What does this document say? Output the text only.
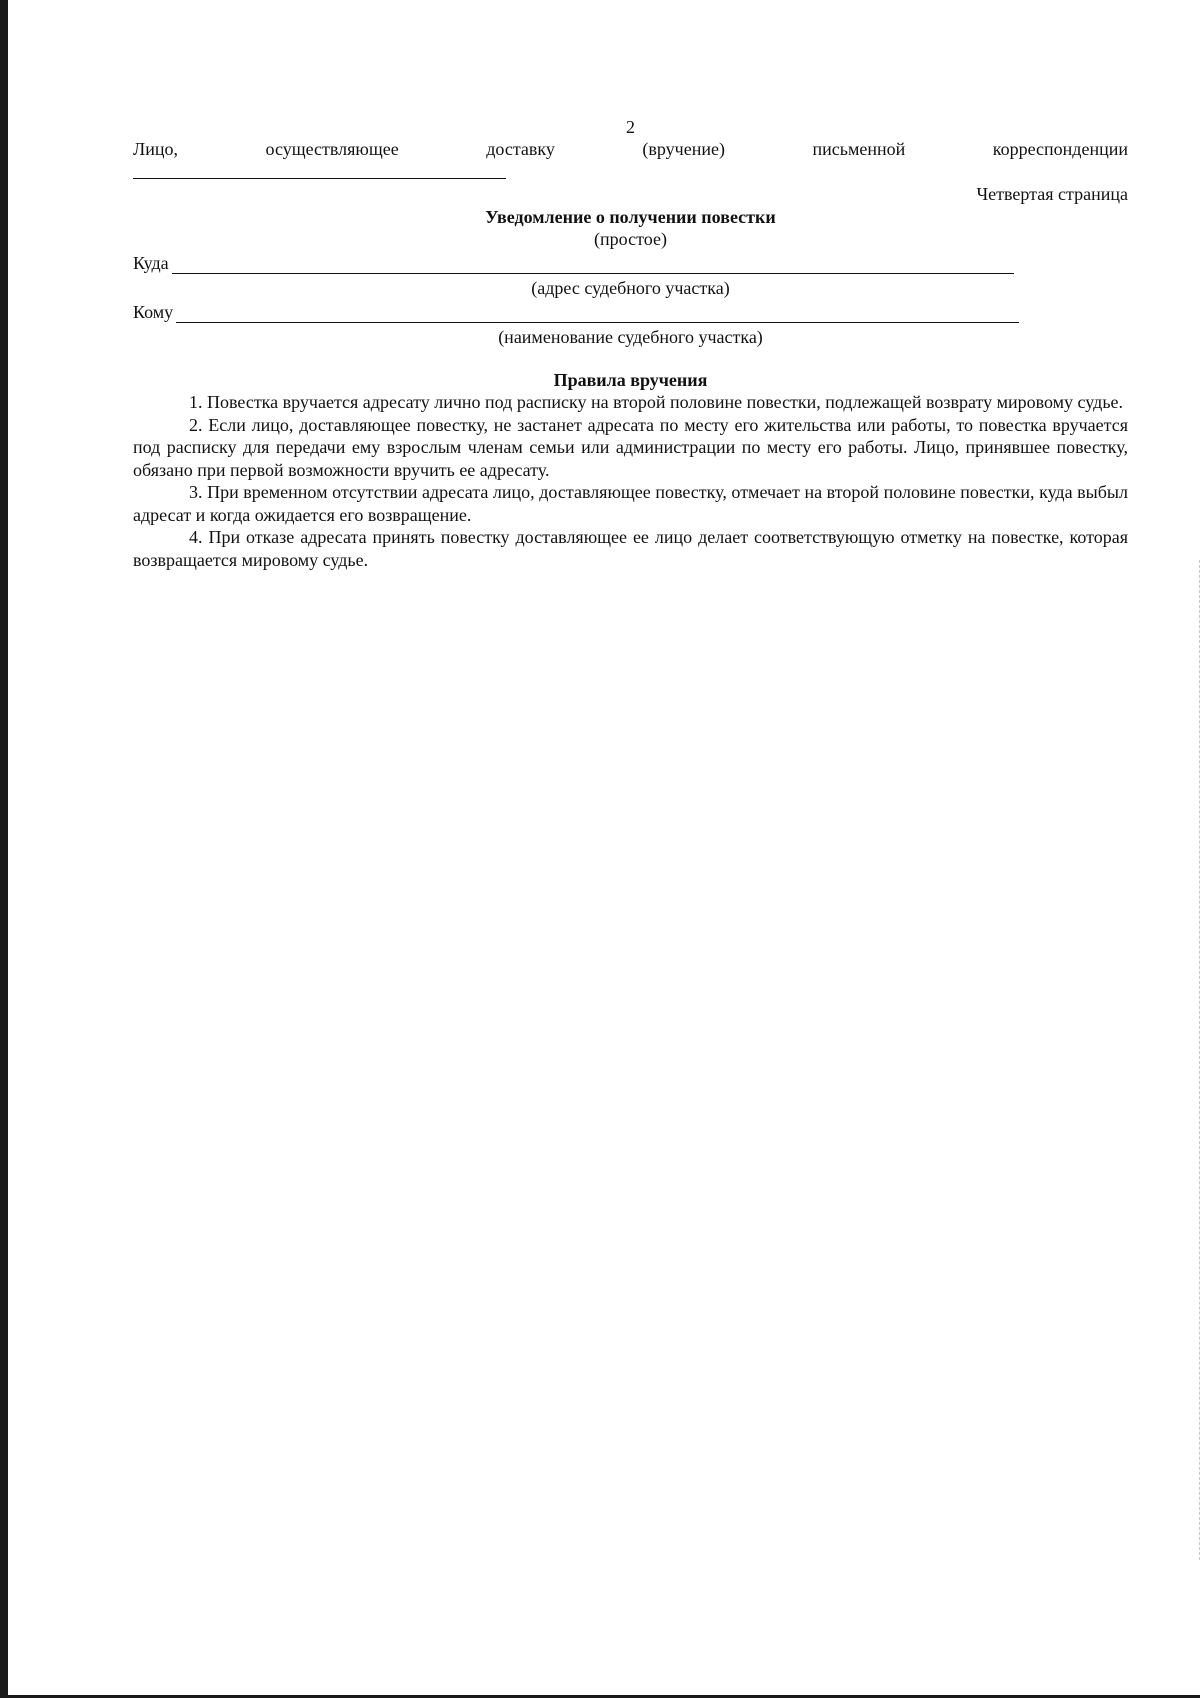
2
Лицо,	осуществляющее	доставку	(вручение)	письменной	корреспонденции
Четвертая страница
Уведомление о получении повестки
(простое)
Куда
(адрес судебного участка)
Кому
(наименование судебного участка)
Правила вручения

1. Повестка вручается адресату лично под расписку на второй половине повестки, подлежащей возврату мировому судье.

2. Если лицо, доставляющее повестку, не застанет адресата по месту его жительства или работы, то повестка вручается под расписку для передачи ему взрослым членам семьи или администрации по месту его работы. Лицо, принявшее повестку, обязано при первой возможности вручить ее адресату.

3. При временном отсутствии адресата лицо, доставляющее повестку, отмечает на второй половине повестки, куда выбыл адресат и когда ожидается его возвращение.

4. При отказе адресата принять повестку доставляющее ее лицо делает соответствующую отметку на повестке, которая возвращается мировому судье.
